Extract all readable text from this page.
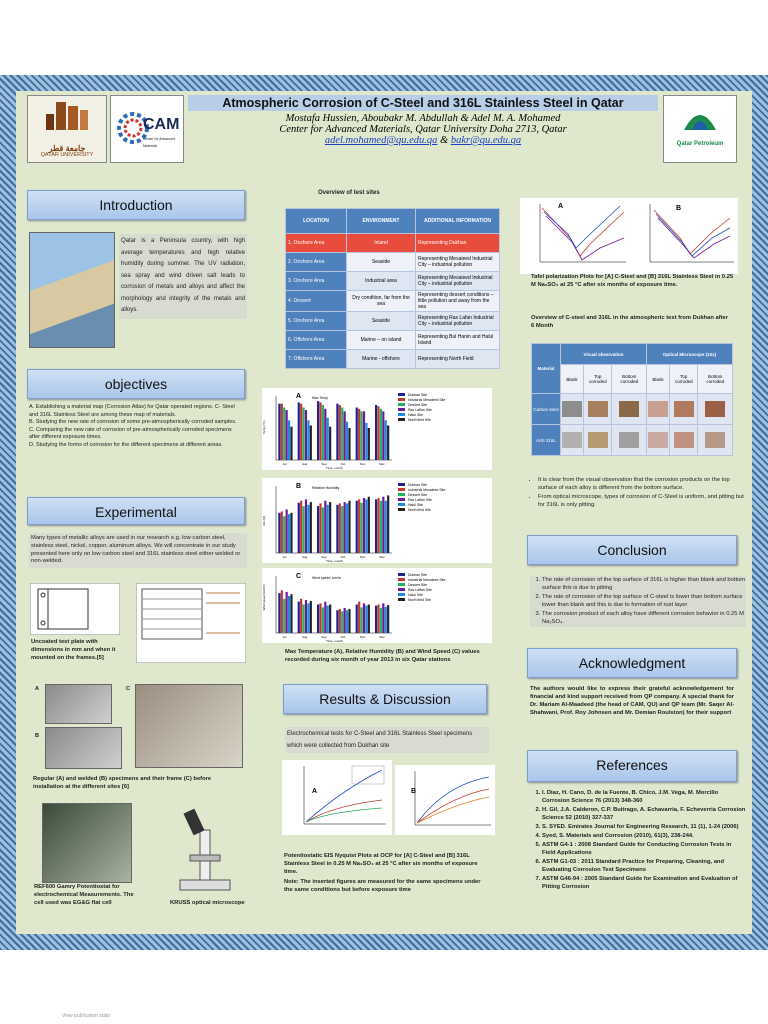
جامعة قطر
QATAR UNIVERSITY
CAM
Center for Advanced Materials	Qatar Petroleum
Atmospheric Corrosion of C-Steel and 316L Stainless Steel in Qatar
Mostafa Hussien, Aboubakr M. Abdullah & Adel M. A. Mohamed
Center for Advanced Materials, Qatar University Doha 2713, Qatar
adel.mohamed@qu.edu.qa & bakr@qu.edu.qa
Introduction
Qatar is a Peninsula country, with high average temperatures and high relative humidity during summer. The UV radiation, sea spray and wind driven salt leads to corrosion of metals and alloys and affect the morphology and integrity of the metals and alloys.
objectives
A. Establishing a material map (Corrosion Atlas) for Qatar operated regions. C- Steel and 316L Stainless Steel are among these map of materials.
B. Studying the new rate of corrosion of some pre-atmospherically corroded samples.
C. Comparing the new rate of corrosion of pre-atmospherically corroded specimens after different exposure times.
D. Studying the forms of corrosion for the different specimens at different areas.
Experimental
Many types of metallic alloys are used in our research e.g. low carbon steel, stainless steel, nickel, copper, aluminum alloys. We will concentrate in our study presented here only on low carbon steel and 316L stainless steel either welded or non-welded.
Uncoated test plate with dimensions in mm and when it mounted on the frames.[5]
A
B
C
Regular (A) and welded (B) specimens and their frame (C) before installation at the different sites [6]
REF600 Gamry Potentiostat for electrochemical Measurements. The cell used was EG&G flat cell	KRUSS optical microscope
Overview of test sites
LOCATION	ENVIRONMENT	ADDITIONAL INFORMATION
1. Onshore Area	Inland	Representing Dukhan
2. Onshore Area	Seaside	Representing Mesaieed Industrial City – industrial pollution
3. Onshore Area	Industrial area	Representing Mesaieed Industrial City – industrial pollution
4. Dessert	Dry condition, far from the sea	Representing dessert conditions – little pollution and away from the sea
5. Onshore Area	Seaside	Representing Ras Lafan Industrial City – industrial pollution
6. Offshore Area	Marine – on island	Representing Bul Hanin and Halul Island
7. Offshore Area	Marine - offshore	Representing North Field
A	Max Temp
Time, month
Temp (°C)
Jul	Aug	Sep	Oct	Nov	Dec
Dukhan Site
Industrial Mesaieed Site
Dessert Site
Ras Laffan Site
Halul Site
North field Site
B	Relative Humidity
Time, month
RH (%)
Jul	Aug	Sep	Oct	Nov	Dec
Dukhan Site
Industrial Mesaieed Site
Dessert Site
Ras Laffan Site
Halul Site
North field Site
C	Wind speed, km/hr
Time, month
Wind speed (km/hr)
Jul	Aug	Sep	Oct	Nov	Dec
Dukhan Site
Industrial Mesaieed Site
Dessert Site
Ras Laffan Site
Halul Site
North field Site
Max Temperature (A), Relative Humidity (B) and Wind Speed (C) values recorded during six month of year 2013 in six Qatar stations
Results & Discussion
Electrochemical tests for C-Steel and 316L Stainless Steel specimens which were collected from Dukhan site
A	B
Potentiostatic EIS Nyquist Plots at OCP for [A] C-Steel and [B] 316L Stainless Steel in 0.25 M Na₂SO₄ at 25 °C after six months of exposure time.
Note: The inserted figures are measured for the same specimens under the same conditions but before exposure time
A	B
Tafel polarization Plots for [A] C-Steel and [B] 316L Stainless Steel in 0.25 M Na₂SO₄ at 25 °C after six months of exposure time.
Overview of C-steel and 316L in the atmospheric test from Dukhan after 6 Month
Material	Visual observation			Optical Microscope (10x)		
	Blank	Top corroded	Bottom corroded	Blank	Top corroded	Bottom corroded
Carbon steel	

AISI 316L	

• It is clear from the visual observation that the corrosion products on the top surface of each alloy is different from the bottom surface.
• From optical microscope, types of corrosion of C-Steel is uniform, and pitting but for 316L is only pitting.
Conclusion
1. The rate of corrosion of the top surface of 316L is higher than blank and bottom surface this is due to pitting
2. The rate of corrosion of the top surface of C-steel is lower than bottom surface lower than blank and this is due to formation of rust layer
3. The corrosion product of each alloy have different corrosion behavior in 0.25 M Na₂SO₄.
Acknowledgment
The authors would like to express their grateful acknowledgement for financial and kind support received from QP company. A special thank for Dr. Mariam Al-Maadeed (the head of CAM, QU) and QP team (Mr. Saqer Al-Shahwani, Prof. Roy Johnsen and Mr. Demian Roulston) for their support
References
1. I. Diaz, H. Cano, D. de la Fuente, B. Chico, J.M. Vega, M. Morcillo Corrosion Science 76 (2013) 348-360
2. H. Gil, J.A. Calderon, C.P. Buitrago, A. Echavarria, F. Echeverria Corrosion Science 52 (2010) 327-337
3. S. SYED. Emirates Journal for Engineering Research, 11 (1), 1-24 (2006)
4. Syed, S. Materials and Corrosion (2010), 61(3), 238-244.
5. ASTM G4-1 : 2008 Standard Guide for Conducting Corrosion Tests in Field Applications
6. ASTM G1-03 : 2011 Standard Practice for Preparing, Cleaning, and Evaluating Corrosion Test Specimens
7. ASTM G46-94 : 2005 Standard Guide for Examination and Evaluation of Pitting Corrosion
View publication stats
